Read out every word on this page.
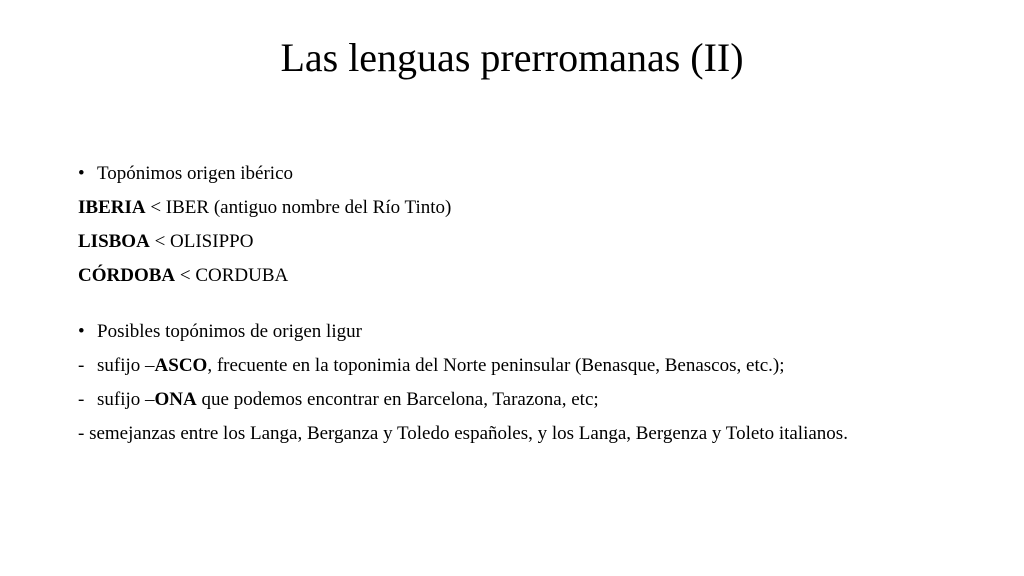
Las lenguas prerromanas (II)
• Topónimos origen ibérico
IBERIA < IBER (antiguo nombre del Río Tinto)
LISBOA < OLISIPPO
CÓRDOBA < CORDUBA
• Posibles topónimos de origen ligur
- sufijo –ASCO, frecuente en la toponimia del Norte peninsular (Benasque, Benascos, etc.);
- sufijo –ONA que podemos encontrar en Barcelona, Tarazona, etc;
- semejanzas entre los Langa, Berganza y Toledo españoles, y los Langa, Bergenza y Toleto italianos.
